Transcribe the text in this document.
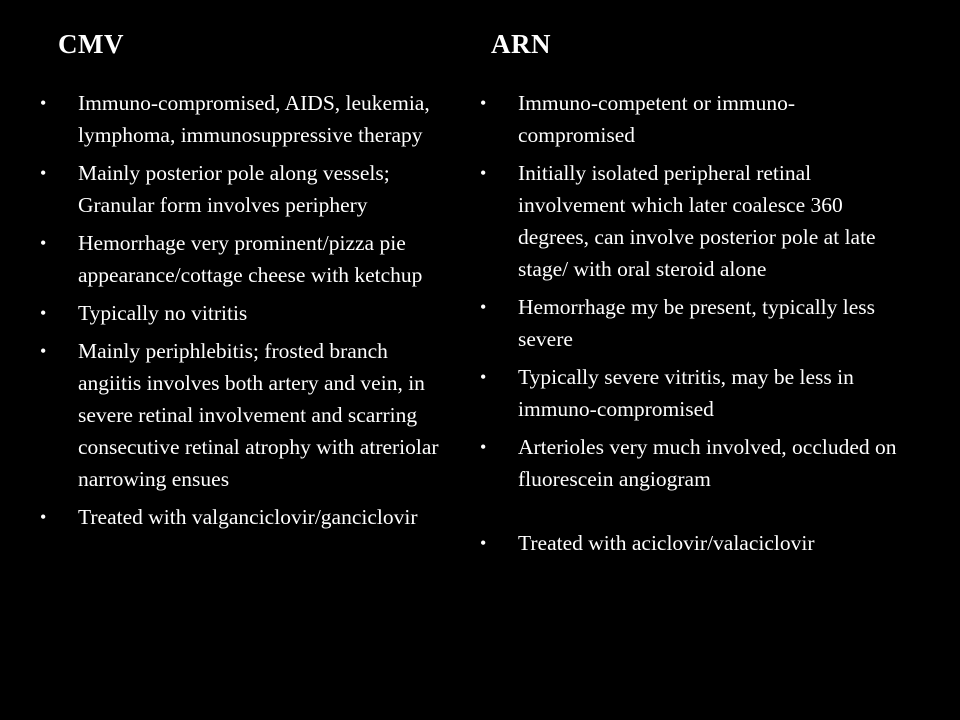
CMV	ARN
•	Immuno-compromised, AIDS, leukemia, lymphoma, immunosuppressive therapy
•	Mainly posterior pole along vessels; Granular form involves periphery
•	Hemorrhage very prominent/pizza pie appearance/cottage cheese with ketchup
•	Typically no vitritis
•	Mainly periphlebitis; frosted branch angiitis involves both artery and vein, in severe retinal involvement and scarring consecutive retinal atrophy with atreriolar narrowing ensues
•	Treated with valganciclovir/ganciclovir
•	Immuno-competent or immuno-compromised
•	Initially isolated peripheral retinal involvement which later coalesce 360 degrees, can involve posterior pole at late stage/ with oral steroid alone
•	Hemorrhage my be present, typically less severe
•	Typically severe vitritis, may be less in immuno-compromised
•	Arterioles very much involved, occluded on fluorescein angiogram
•	Treated with aciclovir/valaciclovir
